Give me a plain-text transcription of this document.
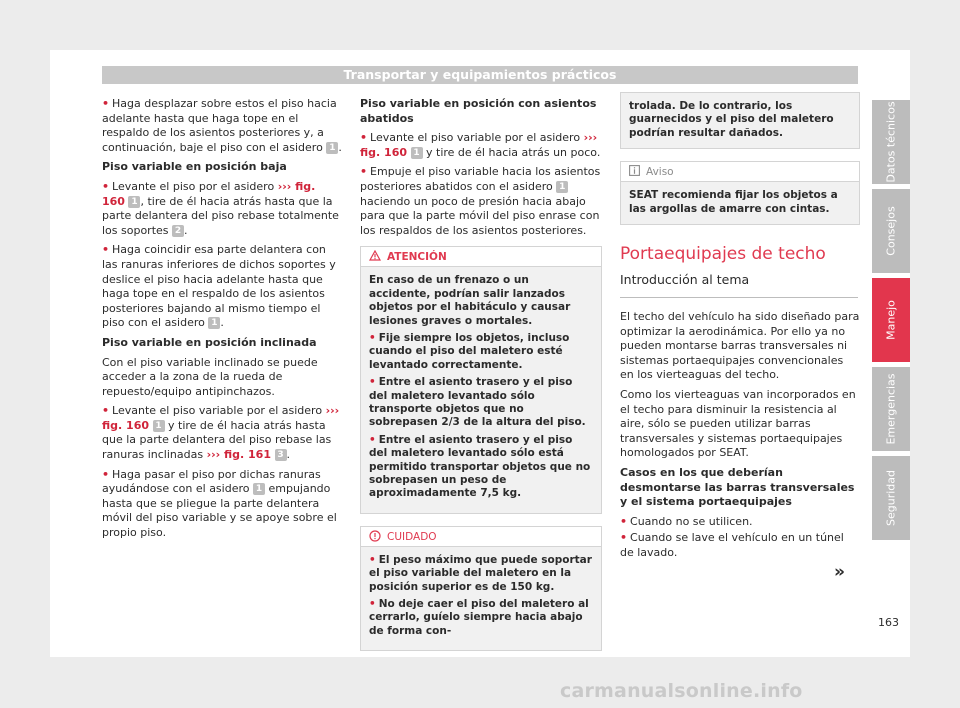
Transportar y equipamientos prácticos

• Haga desplazar sobre estos el piso hacia adelante hasta que haga tope en el respaldo de los asientos posteriores y, a continuación, baje el piso con el asidero 1 .

Piso variable en posición baja

• Levante el piso por el asidero ››› fig. 160 1 , tire de él hacia atrás hasta que la parte delantera del piso rebase totalmente los soportes 2 .

• Haga coincidir esa parte delantera con las ranuras inferiores de dichos soportes y deslice el piso hacia adelante hasta que haga tope en el respaldo de los asientos posteriores bajando al mismo tiempo el piso con el asidero 1 .

Piso variable en posición inclinada

Con el piso variable inclinado se puede acceder a la zona de la rueda de repuesto/equipo antipinchazos.

• Levante el piso variable por el asidero ››› fig. 160 1 y tire de él hacia atrás hasta que la parte delantera del piso rebase las ranuras inclinadas ››› fig. 161 3 .

• Haga pasar el piso por dichas ranuras ayudándose con el asidero 1 empujando hasta que se pliegue la parte delantera móvil del piso variable y se apoye sobre el propio piso.

Piso variable en posición con asientos abatidos

• Levante el piso variable por el asidero ››› fig. 160 1 y tire de él hacia atrás un poco.

• Empuje el piso variable hacia los asientos posteriores abatidos con el asidero 1 haciendo un poco de presión hacia abajo para que la parte móvil del piso enrase con los respaldos de los asientos posteriores.

ATENCIÓN

En caso de un frenazo o un accidente, podrían salir lanzados objetos por el habitáculo y causar lesiones graves o mortales.

• Fije siempre los objetos, incluso cuando el piso del maletero esté levantado correctamente.

• Entre el asiento trasero y el piso del maletero levantado sólo transporte objetos que no sobrepasen 2/3 de la altura del piso.

• Entre el asiento trasero y el piso del maletero levantado sólo está permitido transportar objetos que no sobrepasen un peso de aproximadamente 7,5 kg.

CUIDADO

• El peso máximo que puede soportar el piso variable del maletero en la posición superior es de 150 kg.

• No deje caer el piso del maletero al cerrarlo, guíelo siempre hacia abajo de forma con-

trolada. De lo contrario, los guarnecidos y el piso del maletero podrían resultar dañados.
Aviso
SEAT recomienda fijar los objetos a las argollas de amarre con cintas.
Portaequipajes de techo
Introducción al tema

El techo del vehículo ha sido diseñado para optimizar la aerodinámica. Por ello ya no pueden montarse barras transversales ni sistemas portaequipajes convencionales en los vierteaguas del techo.

Como los vierteaguas van incorporados en el techo para disminuir la resistencia al aire, sólo se pueden utilizar barras transversales y sistemas portaequipajes homologados por SEAT.

Casos en los que deberían desmontarse las barras transversales y el sistema portaequipajes

• Cuando no se utilicen.

• Cuando se lave el vehículo en un túnel de lavado.

»
Datos técnicos
Consejos
Manejo
Emergencias
Seguridad
163
carmanualsonline.info
